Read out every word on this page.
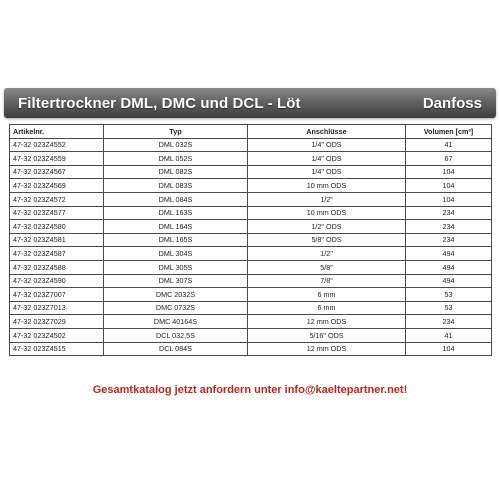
Filtertrockner DML, DMC und DCL - Löt	Danfoss
Artikelnr.	Typ	Anschlüsse	Volumen [cm³]
47-32 023Z4552	DML 032S	1/4" ODS	41
47-32 023Z4559	DML 052S	1/4" ODS	67
47-32 023Z4567	DML 082S	1/4" ODS	104
47-32 023Z4569	DML 083S	10 mm ODS	104
47-32 023Z4572	DML 084S	1/2"	104
47-32 023Z4577	DML 163S	10 mm ODS	234
47-32 023Z4580	DML 164S	1/2" ODS	234
47-32 023Z4581	DML 165S	5/8" ODS	234
47-32 023Z4587	DML 304S	1/2"	494
47-32 023Z4588	DML 305S	5/8"	494
47-32 023Z4590	DML 307S	7/8"	494
47-32 023Z7007	DMC 2032S	6 mm	53
47-32 023Z7013	DMC 0732S	6 mm	53
47-32 023Z7029	DMC 40164S	12 mm ODS	234
47-32 023Z4502	DCL 032,5S	5/16" ODS	41
47-32 023Z4515	DCL 084S	12 mm ODS	104
Gesamtkatalog jetzt anfordern unter info@kaeltepartner.net!
